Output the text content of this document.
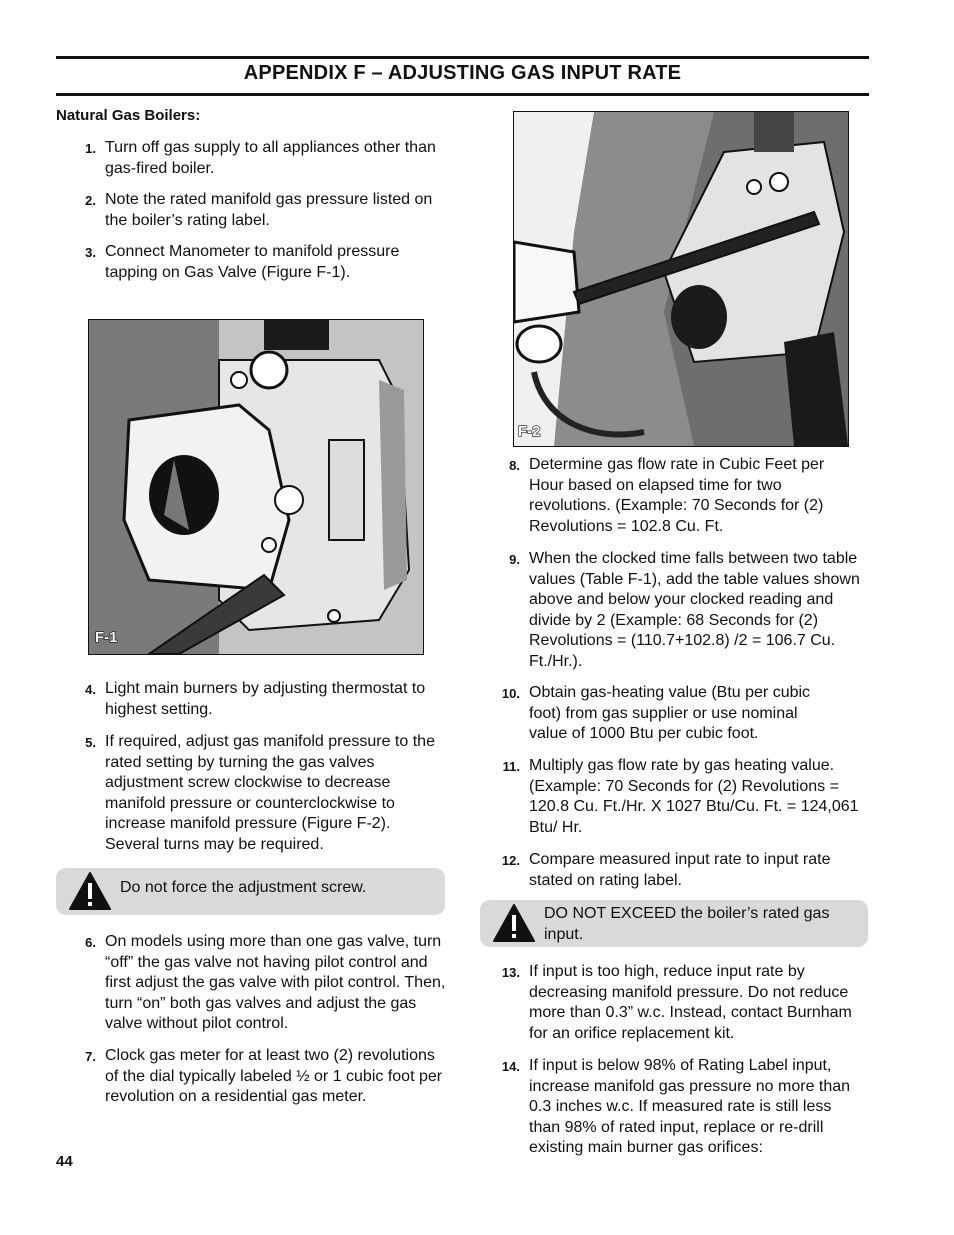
APPENDIX F – ADJUSTING GAS INPUT RATE
Natural Gas Boilers:
1. Turn off gas supply to all appliances other than gas-fired boiler.
2. Note the rated manifold gas pressure listed on the boiler’s rating label.
3. Connect Manometer to manifold pressure tapping on Gas Valve (Figure F-1).
F-1
4. Light main burners by adjusting thermostat to highest setting.
5. If required, adjust gas manifold pressure to the rated setting by turning the gas valves adjustment screw clockwise to decrease manifold pressure or counterclockwise to increase manifold pressure (Figure F-2). Several turns may be required.
Do not force the adjustment screw.
6. On models using more than one gas valve, turn “off” the gas valve not having pilot control and first adjust the gas valve with pilot control. Then, turn “on” both gas valves and adjust the gas valve without pilot control.
7. Clock gas meter for at least two (2) revolutions of the dial typically labeled ½ or 1 cubic foot per revolution on a residential gas meter.
44
F-2
8. Determine gas flow rate in Cubic Feet per Hour based on elapsed time for two revolutions. (Example: 70 Seconds for (2) Revolutions = 102.8 Cu. Ft.
9. When the clocked time falls between two table values (Table F-1), add the table values shown above and below your clocked reading and divide by 2 (Example: 68 Seconds for (2) Revolutions = (110.7+102.8) /2 = 106.7 Cu. Ft./Hr.).
10. Obtain gas-heating value (Btu per cubic foot) from gas supplier or use nominal value of 1000 Btu per cubic foot.
11. Multiply gas flow rate by gas heating value. (Example: 70 Seconds for (2) Revolutions = 120.8 Cu. Ft./Hr. X 1027 Btu/Cu. Ft. = 124,061 Btu/ Hr.
12. Compare measured input rate to input rate stated on rating label.
DO NOT EXCEED the boiler’s rated gas input.
13. If input is too high, reduce input rate by decreasing manifold pressure. Do not reduce more than 0.3” w.c. Instead, contact Burnham for an orifice replacement kit.
14. If input is below 98% of Rating Label input, increase manifold gas pressure no more than 0.3 inches w.c. If measured rate is still less than 98% of rated input, replace or re-drill existing main burner gas orifices:
